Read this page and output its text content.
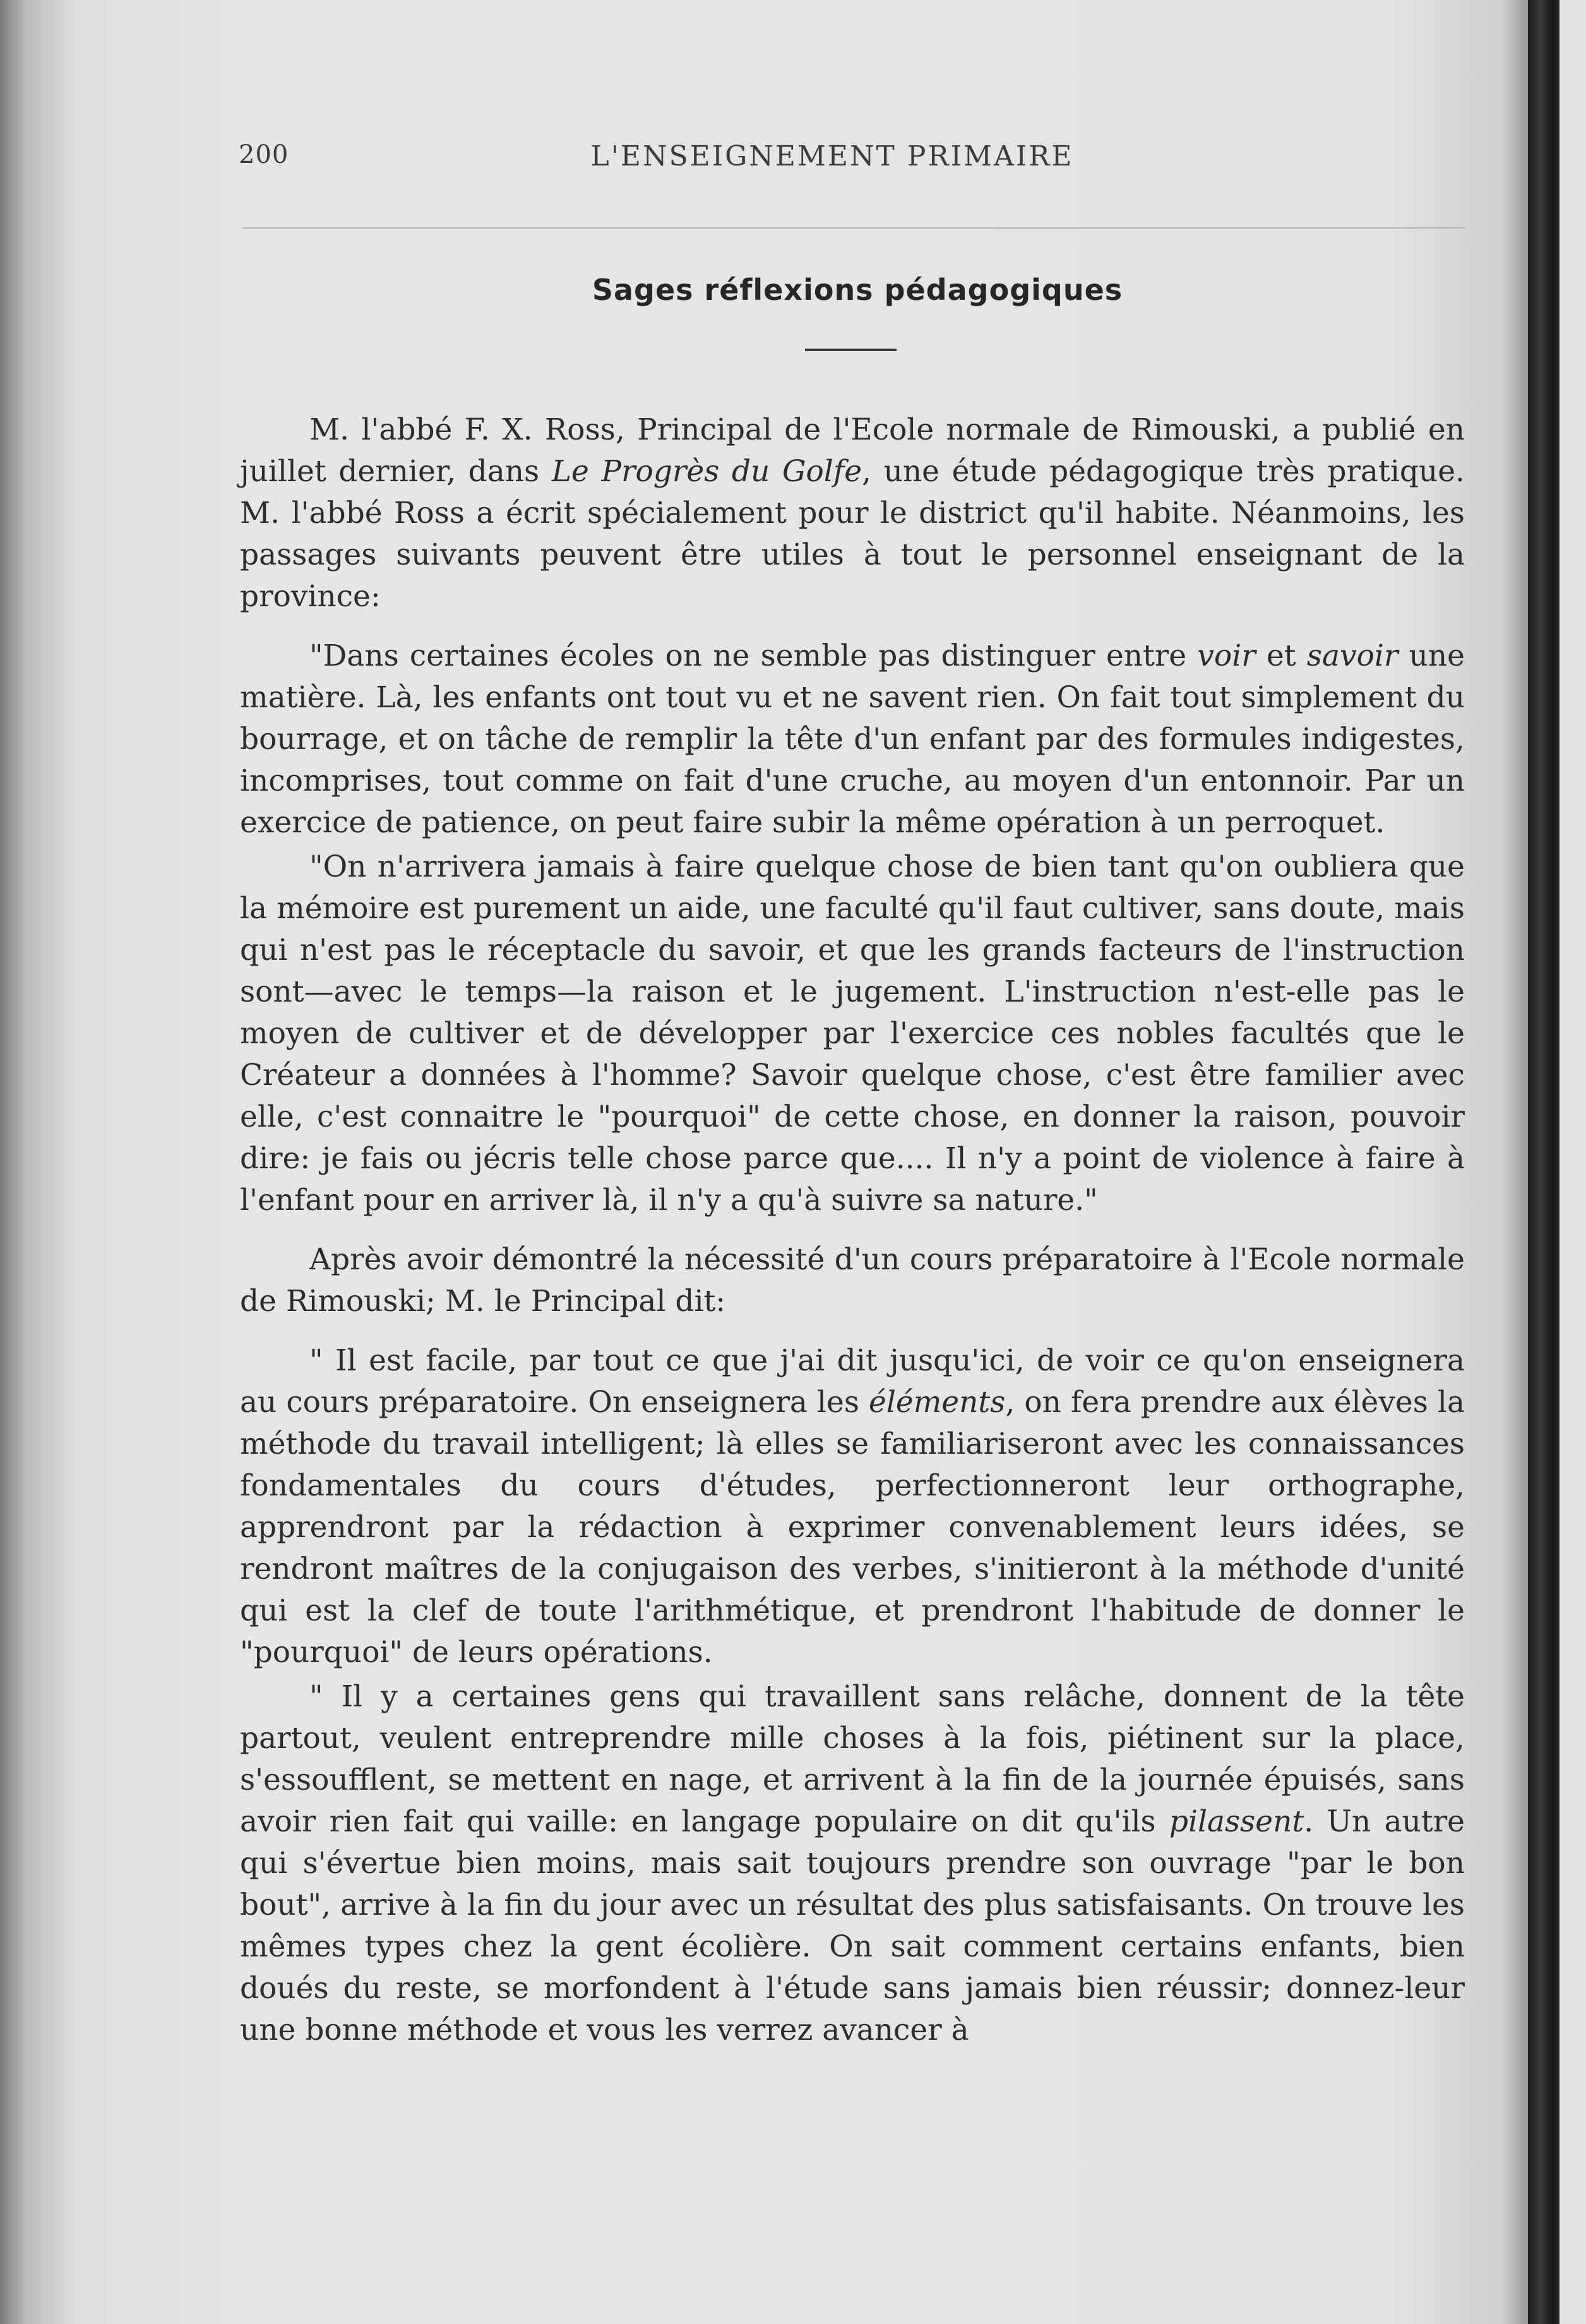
200	L'ENSEIGNEMENT PRIMAIRE
Sages réflexions pédagogiques

M. l'abbé F. X. Ross, Principal de l'Ecole normale de Rimouski, a publié en juillet dernier, dans Le Progrès du Golfe, une étude pédagogique très pratique. M. l'abbé Ross a écrit spécialement pour le district qu'il habite. Néanmoins, les passages suivants peuvent être utiles à tout le personnel enseignant de la province:

"Dans certaines écoles on ne semble pas distinguer entre voir et savoir une matière. Là, les enfants ont tout vu et ne savent rien. On fait tout simplement du bourrage, et on tâche de remplir la tête d'un enfant par des formules indigestes, incomprises, tout comme on fait d'une cruche, au moyen d'un entonnoir. Par un exercice de patience, on peut faire subir la même opération à un perroquet.

"On n'arrivera jamais à faire quelque chose de bien tant qu'on oubliera que la mémoire est purement un aide, une faculté qu'il faut cultiver, sans doute, mais qui n'est pas le réceptacle du savoir, et que les grands facteurs de l'instruction sont—avec le temps—la raison et le jugement. L'instruction n'est-elle pas le moyen de cultiver et de développer par l'exercice ces nobles facultés que le Créateur a données à l'homme? Savoir quelque chose, c'est être familier avec elle, c'est connaitre le "pourquoi" de cette chose, en donner la raison, pouvoir dire: je fais ou jécris telle chose parce que.... Il n'y a point de violence à faire à l'enfant pour en arriver là, il n'y a qu'à suivre sa nature."

Après avoir démontré la nécessité d'un cours préparatoire à l'Ecole normale de Rimouski; M. le Principal dit:

" Il est facile, par tout ce que j'ai dit jusqu'ici, de voir ce qu'on enseignera au cours préparatoire. On enseignera les éléments, on fera prendre aux élèves la méthode du travail intelligent; là elles se familiariseront avec les connaissances fondamentales du cours d'études, perfectionneront leur orthographe, apprendront par la rédaction à exprimer convenablement leurs idées, se rendront maîtres de la conjugaison des verbes, s'initieront à la méthode d'unité qui est la clef de toute l'arithmétique, et prendront l'habitude de donner le "pourquoi" de leurs opérations.

" Il y a certaines gens qui travaillent sans relâche, donnent de la tête partout, veulent entreprendre mille choses à la fois, piétinent sur la place, s'essoufflent, se mettent en nage, et arrivent à la fin de la journée épuisés, sans avoir rien fait qui vaille: en langage populaire on dit qu'ils pilassent. Un autre qui s'évertue bien moins, mais sait toujours prendre son ouvrage "par le bon bout", arrive à la fin du jour avec un résultat des plus satisfaisants. On trouve les mêmes types chez la gent écolière. On sait comment certains enfants, bien doués du reste, se morfondent à l'étude sans jamais bien réussir; donnez-leur une bonne méthode et vous les verrez avancer à
